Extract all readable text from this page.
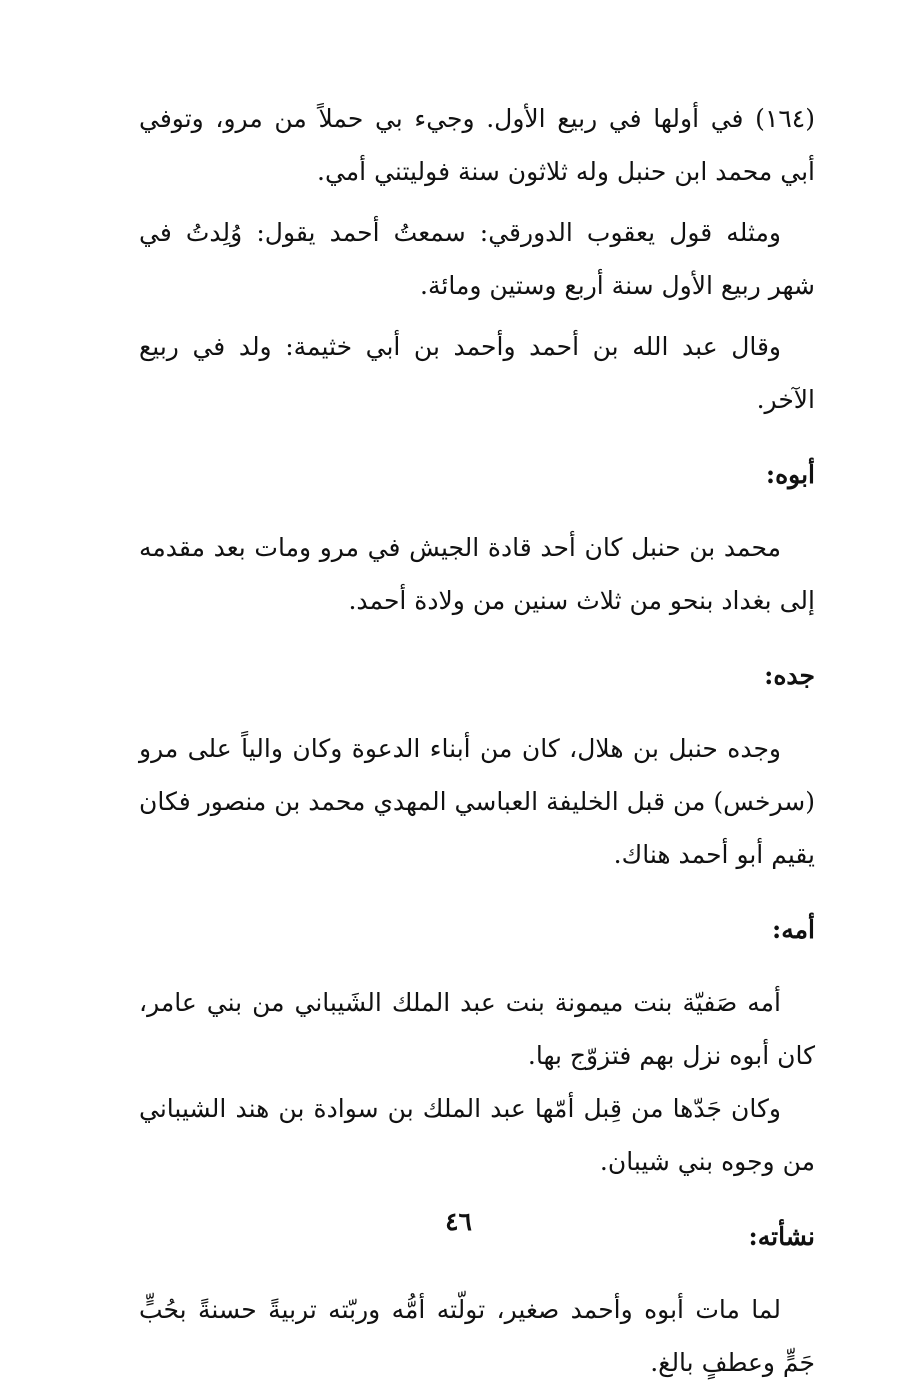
(١٦٤) في أولها في ربيع الأول. وجيء بي حملاً من مرو، وتوفي أبي محمد ابن حنبل وله ثلاثون سنة فوليتني أمي.

ومثله قول يعقوب الدورقي: سمعتُ أحمد يقول: وُلِدتُ في شهر ربيع الأول سنة أربع وستين ومائة.

وقال عبد الله بن أحمد وأحمد بن أبي خثيمة: ولد في ربيع الآخر.

أبوه:

محمد بن حنبل كان أحد قادة الجيش في مرو ومات بعد مقدمه إلى بغداد بنحو من ثلاث سنين من ولادة أحمد.

جده:

وجده حنبل بن هلال، كان من أبناء الدعوة وكان والياً على مرو (سرخس) من قبل الخليفة العباسي المهدي محمد بن منصور فكان يقيم أبو أحمد هناك.

أمه:

أمه صَفيّة بنت ميمونة بنت عبد الملك الشَيباني من بني عامر، كان أبوه نزل بهم فتزوّج بها.

وكان جَدّها من قِبل أمّها عبد الملك بن سوادة بن هند الشيباني من وجوه بني شيبان.

نشأته:

لما مات أبوه وأحمد صغير، تولّته أمُّه وربّته تربيةً حسنةً بحُبٍّ جَمٍّ وعطفٍ بالغ.

٤٦
